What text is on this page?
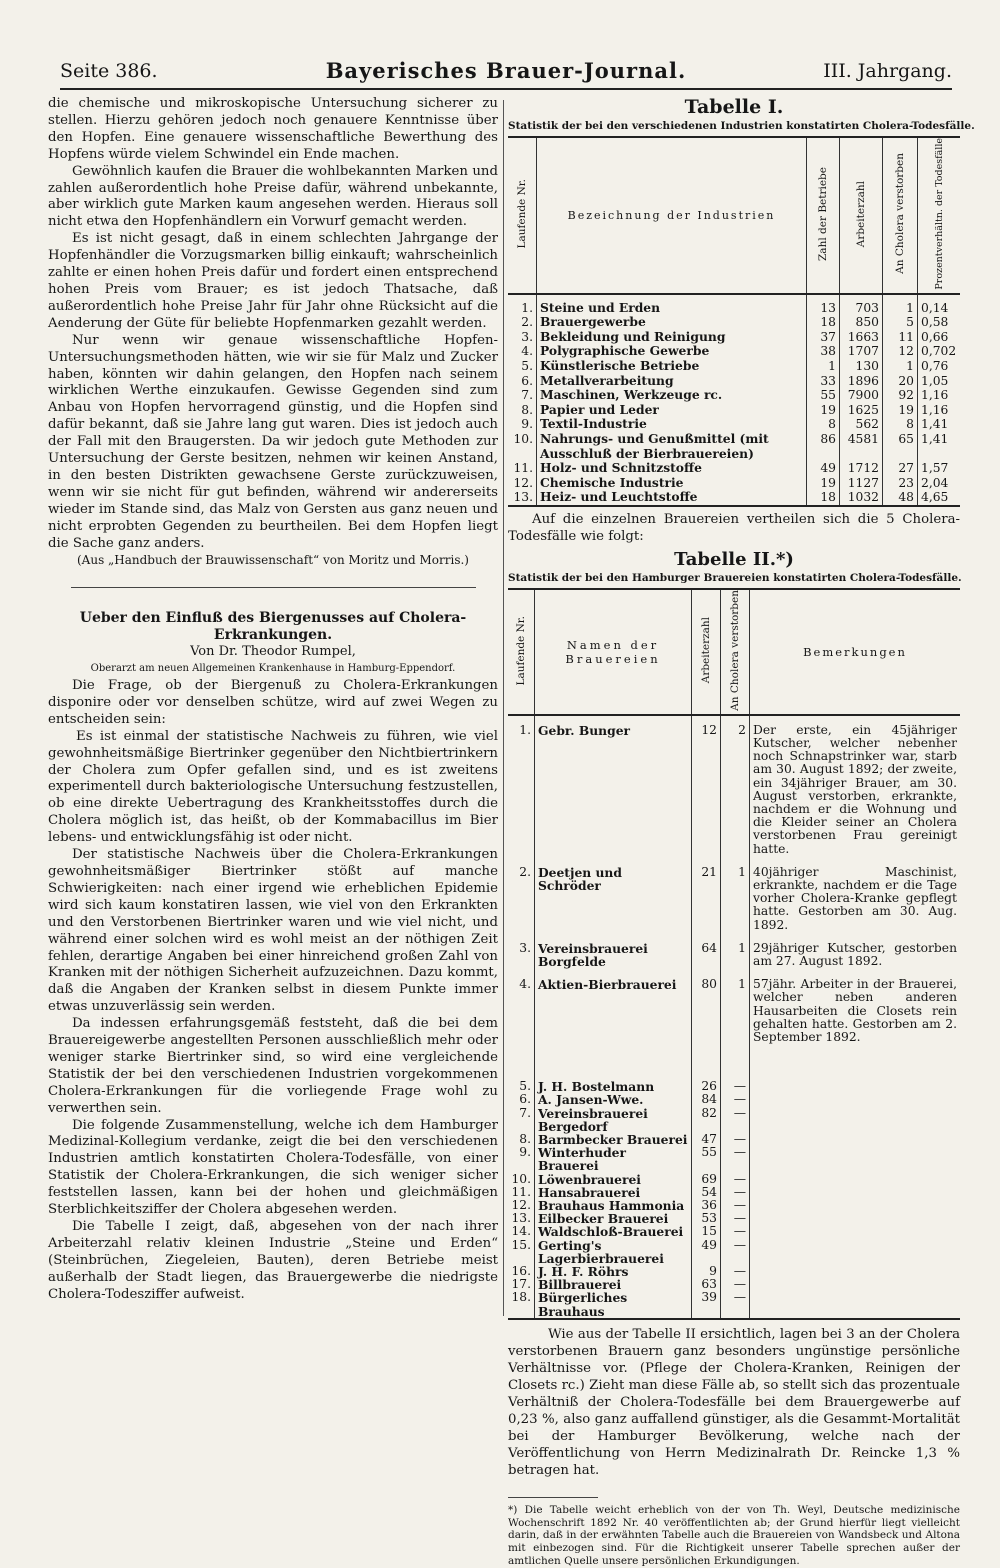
Seite 386.	Bayerisches Brauer-Journal.	III. Jahrgang.

die chemische und mikroskopische Untersuchung sicherer zu stellen. Hierzu gehören jedoch noch genauere Kenntnisse über den Hopfen. Eine genauere wissenschaftliche Bewerthung des Hopfens würde vielem Schwindel ein Ende machen.

Gewöhnlich kaufen die Brauer die wohlbekannten Marken und zahlen außerordentlich hohe Preise dafür, während unbekannte, aber wirklich gute Marken kaum angesehen werden. Hieraus soll nicht etwa den Hopfenhändlern ein Vorwurf gemacht werden.

Es ist nicht gesagt, daß in einem schlechten Jahrgange der Hopfenhändler die Vorzugsmarken billig einkauft; wahrscheinlich zahlte er einen hohen Preis dafür und fordert einen entsprechend hohen Preis vom Brauer; es ist jedoch Thatsache, daß außerordentlich hohe Preise Jahr für Jahr ohne Rücksicht auf die Aenderung der Güte für beliebte Hopfenmarken gezahlt werden.

Nur wenn wir genaue wissenschaftliche Hopfen-Untersuchungsmethoden hätten, wie wir sie für Malz und Zucker haben, könnten wir dahin gelangen, den Hopfen nach seinem wirklichen Werthe einzukaufen. Gewisse Gegenden sind zum Anbau von Hopfen hervorragend günstig, und die Hopfen sind dafür bekannt, daß sie Jahre lang gut waren. Dies ist jedoch auch der Fall mit den Braugersten. Da wir jedoch gute Methoden zur Untersuchung der Gerste besitzen, nehmen wir keinen Anstand, in den besten Distrikten gewachsene Gerste zurückzuweisen, wenn wir sie nicht für gut befinden, während wir andererseits wieder im Stande sind, das Malz von Gersten aus ganz neuen und nicht erprobten Gegenden zu beurtheilen. Bei dem Hopfen liegt die Sache ganz anders.

(Aus „Handbuch der Brauwissenschaft“ von Moritz und Morris.)

Ueber den Einfluß des Biergenusses auf Cholera-Erkrankungen.

Von Dr. Theodor Rumpel,

Oberarzt am neuen Allgemeinen Krankenhause in Hamburg-Eppendorf.

Die Frage, ob der Biergenuß zu Cholera-Erkrankungen disponire oder vor denselben schütze, wird auf zwei Wegen zu entscheiden sein:

Es ist einmal der statistische Nachweis zu führen, wie viel gewohnheitsmäßige Biertrinker gegenüber den Nichtbiertrinkern der Cholera zum Opfer gefallen sind, und es ist zweitens experimentell durch bakteriologische Untersuchung festzustellen, ob eine direkte Uebertragung des Krankheitsstoffes durch die Cholera möglich ist, das heißt, ob der Kommabacillus im Bier lebens- und entwicklungsfähig ist oder nicht.

Der statistische Nachweis über die Cholera-Erkrankungen gewohnheitsmäßiger Biertrinker stößt auf manche Schwierigkeiten: nach einer irgend wie erheblichen Epidemie wird sich kaum konstatiren lassen, wie viel von den Erkrankten und den Verstorbenen Biertrinker waren und wie viel nicht, und während einer solchen wird es wohl meist an der nöthigen Zeit fehlen, derartige Angaben bei einer hinreichend großen Zahl von Kranken mit der nöthigen Sicherheit aufzuzeichnen. Dazu kommt, daß die Angaben der Kranken selbst in diesem Punkte immer etwas unzuverlässig sein werden.

Da indessen erfahrungsgemäß feststeht, daß die bei dem Brauereigewerbe angestellten Personen ausschließlich mehr oder weniger starke Biertrinker sind, so wird eine vergleichende Statistik der bei den verschiedenen Industrien vorgekommenen Cholera-Erkrankungen für die vorliegende Frage wohl zu verwerthen sein.

Die folgende Zusammenstellung, welche ich dem Hamburger Medizinal-Kollegium verdanke, zeigt die bei den verschiedenen Industrien amtlich konstatirten Cholera-Todesfälle, von einer Statistik der Cholera-Erkrankungen, die sich weniger sicher feststellen lassen, kann bei der hohen und gleichmäßigen Sterblichkeitsziffer der Cholera abgesehen werden.

Die Tabelle I zeigt, daß, abgesehen von der nach ihrer Arbeiterzahl relativ kleinen Industrie „Steine und Erden“ (Steinbrüchen, Ziegeleien, Bauten), deren Betriebe meist außerhalb der Stadt liegen, das Brauergewerbe die niedrigste Cholera-Todesziffer aufweist.

Tabelle I.

Statistik der bei den verschiedenen Industrien konstatirten Cholera-Todesfälle.

Laufende Nr.	Bezeichnung der Industrien	Zahl der Betriebe	Arbeiterzahl	An Cholera verstorben	Prozentverhältn. der Todesfälle
1.	Steine und Erden	13	703	1	0,14
2.	Brauergewerbe	18	850	5	0,58
3.	Bekleidung und Reinigung	37	1663	11	0,66
4.	Polygraphische Gewerbe	38	1707	12	0,702
5.	Künstlerische Betriebe	1	130	1	0,76
6.	Metallverarbeitung	33	1896	20	1,05
7.	Maschinen, Werkzeuge rc.	55	7900	92	1,16
8.	Papier und Leder	19	1625	19	1,16
9.	Textil-Industrie	8	562	8	1,41
10.	Nahrungs- und Genußmittel (mit Ausschluß der Bierbrauereien)	86	4581	65	1,41
11.	Holz- und Schnitzstoffe	49	1712	27	1,57
12.	Chemische Industrie	19	1127	23	2,04
13.	Heiz- und Leuchtstoffe	18	1032	48	4,65

Auf die einzelnen Brauereien vertheilen sich die 5 Cholera-Todesfälle wie folgt:

Tabelle II.*)

Statistik der bei den Hamburger Brauereien konstatirten Cholera-Todesfälle.

Laufende Nr.	Namen der Brauereien	Arbeiterzahl	An Cholera verstorben	Bemerkungen
1.	Gebr. Bunger	12	2	Der erste, ein 45jähriger Kutscher, welcher nebenher noch Schnapstrinker war, starb am 30. August 1892; der zweite, ein 34jähriger Brauer, am 30. August verstorben, erkrankte, nachdem er die Wohnung und die Kleider seiner an Cholera verstorbenen Frau gereinigt hatte.
2.	Deetjen und Schröder	21	1	40jähriger Maschinist, erkrankte, nachdem er die Tage vorher Cholera-Kranke gepflegt hatte. Gestorben am 30. Aug. 1892.
3.	Vereinsbrauerei Borgfelde	64	1	29jähriger Kutscher, gestorben am 27. August 1892.
4.	Aktien-Bierbrauerei	80	1	57jähr. Arbeiter in der Brauerei, welcher neben anderen Hausarbeiten die Closets rein gehalten hatte. Gestorben am 2. September 1892.
5.	J. H. Bostelmann	26	—	
6.	A. Jansen-Wwe.	84	—	
7.	Vereinsbrauerei Bergedorf	82	—	
8.	Barmbecker Brauerei	47	—	
9.	Winterhuder Brauerei	55	—	
10.	Löwenbrauerei	69	—	
11.	Hansabrauerei	54	—	
12.	Brauhaus Hammonia	36	—	
13.	Eilbecker Brauerei	53	—	
14.	Waldschloß-Brauerei	15	—	
15.	Gerting's Lagerbierbrauerei	49	—	
16.	J. H. F. Röhrs	9	—	
17.	Billbrauerei	63	—	
18.	Bürgerliches Brauhaus	39	—	

Wie aus der Tabelle II ersichtlich, lagen bei 3 an der Cholera verstorbenen Brauern ganz besonders ungünstige persönliche Verhältnisse vor. (Pflege der Cholera-Kranken, Reinigen der Closets rc.) Zieht man diese Fälle ab, so stellt sich das prozentuale Verhältniß der Cholera-Todesfälle bei dem Brauergewerbe auf 0,23 %, also ganz auffallend günstiger, als die Gesammt-Mortalität bei der Hamburger Bevölkerung, welche nach der Veröffentlichung von Herrn Medizinalrath Dr. Reincke 1,3 % betragen hat.

*) Die Tabelle weicht erheblich von der von Th. Weyl, Deutsche medizinische Wochenschrift 1892 Nr. 40 veröffentlichten ab; der Grund hierfür liegt vielleicht darin, daß in der erwähnten Tabelle auch die Brauereien von Wandsbeck und Altona mit einbezogen sind. Für die Richtigkeit unserer Tabelle sprechen außer der amtlichen Quelle unsere persönlichen Erkundigungen.
